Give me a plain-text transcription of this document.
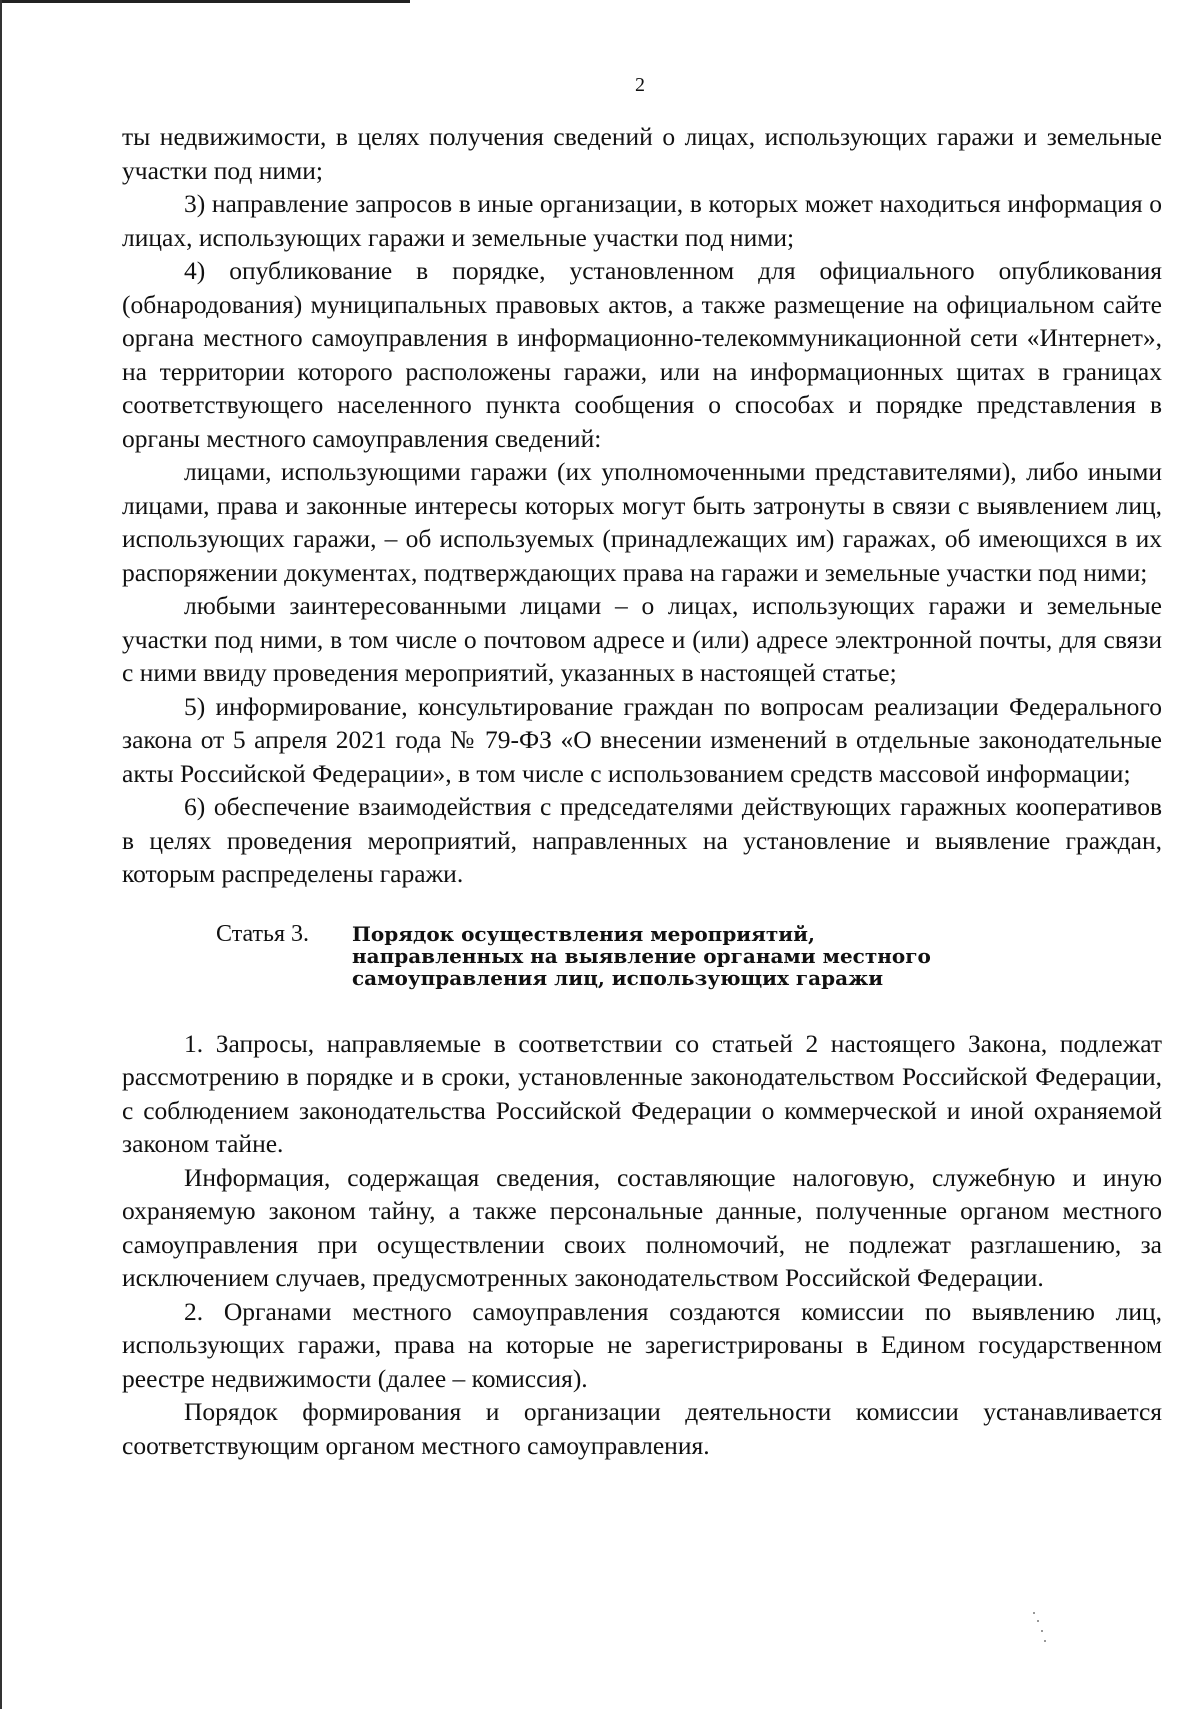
2

ты недвижимости, в целях получения сведений о лицах, использующих гаражи и земельные участки под ними;

3) направление запросов в иные организации, в которых может находиться информация о лицах, использующих гаражи и земельные участки под ними;

4) опубликование в порядке, установленном для официального опубликования (обнародования) муниципальных правовых актов, а также размещение на официальном сайте органа местного самоуправления в информационно-телекоммуникационной сети «Интернет», на территории которого расположены гаражи, или на информационных щитах в границах соответствующего населенного пункта сообщения о способах и порядке представления в органы местного самоуправления сведений:

лицами, использующими гаражи (их уполномоченными представителями), либо иными лицами, права и законные интересы которых могут быть затронуты в связи с выявлением лиц, использующих гаражи, – об используемых (принадлежащих им) гаражах, об имеющихся в их распоряжении документах, подтверждающих права на гаражи и земельные участки под ними;

любыми заинтересованными лицами – о лицах, использующих гаражи и земельные участки под ними, в том числе о почтовом адресе и (или) адресе электронной почты, для связи с ними ввиду проведения мероприятий, указанных в настоящей статье;

5) информирование, консультирование граждан по вопросам реализации Федерального закона от 5 апреля 2021 года № 79-ФЗ «О внесении изменений в отдельные законодательные акты Российской Федерации», в том числе с использованием средств массовой информации;

6) обеспечение взаимодействия с председателями действующих гаражных кооперативов в целях проведения мероприятий, направленных на установление и выявление граждан, которым распределены гаражи.

Статья 3.	Порядок осуществления мероприятий,
направленных на выявление органами местного
самоуправления лиц, использующих гаражи

1. Запросы, направляемые в соответствии со статьей 2 настоящего Закона, подлежат рассмотрению в порядке и в сроки, установленные законодательством Российской Федерации, с соблюдением законодательства Российской Федерации о коммерческой и иной охраняемой законом тайне.

Информация, содержащая сведения, составляющие налоговую, служебную и иную охраняемую законом тайну, а также персональные данные, полученные органом местного самоуправления при осуществлении своих полномочий, не подлежат разглашению, за исключением случаев, предусмотренных законодательством Российской Федерации.

2. Органами местного самоуправления создаются комиссии по выявлению лиц, использующих гаражи, права на которые не зарегистрированы в Едином государственном реестре недвижимости (далее – комиссия).

Порядок формирования и организации деятельности комиссии устанавливается соответствующим органом местного самоуправления.
